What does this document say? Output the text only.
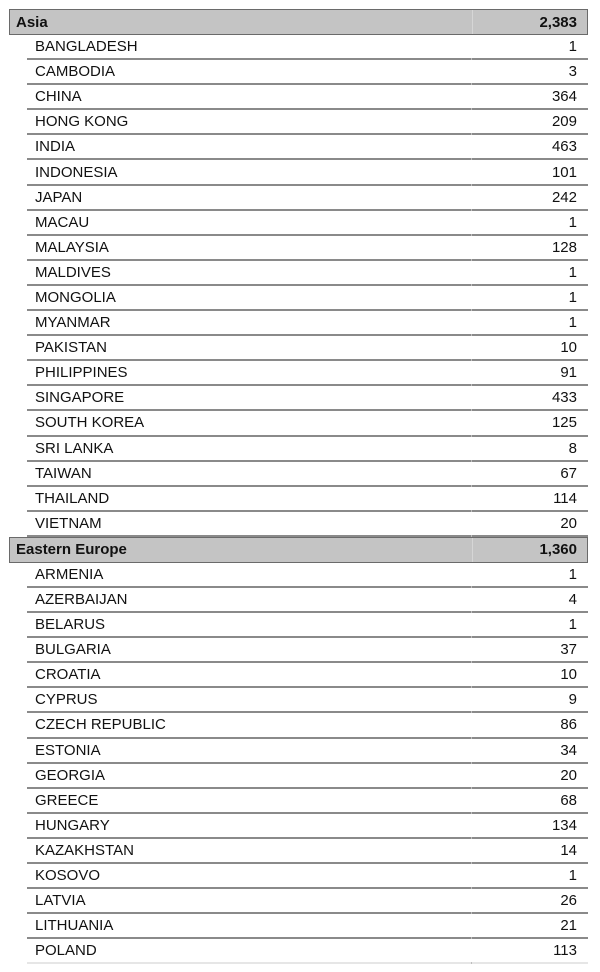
Asia	2,383
BANGLADESH	1
CAMBODIA	3
CHINA	364
HONG KONG	209
INDIA	463
INDONESIA	101
JAPAN	242
MACAU	1
MALAYSIA	128
MALDIVES	1
MONGOLIA	1
MYANMAR	1
PAKISTAN	10
PHILIPPINES	91
SINGAPORE	433
SOUTH KOREA	125
SRI LANKA	8
TAIWAN	67
THAILAND	114
VIETNAM	20
Eastern Europe	1,360
ARMENIA	1
AZERBAIJAN	4
BELARUS	1
BULGARIA	37
CROATIA	10
CYPRUS	9
CZECH REPUBLIC	86
ESTONIA	34
GEORGIA	20
GREECE	68
HUNGARY	134
KAZAKHSTAN	14
KOSOVO	1
LATVIA	26
LITHUANIA	21
POLAND	113
